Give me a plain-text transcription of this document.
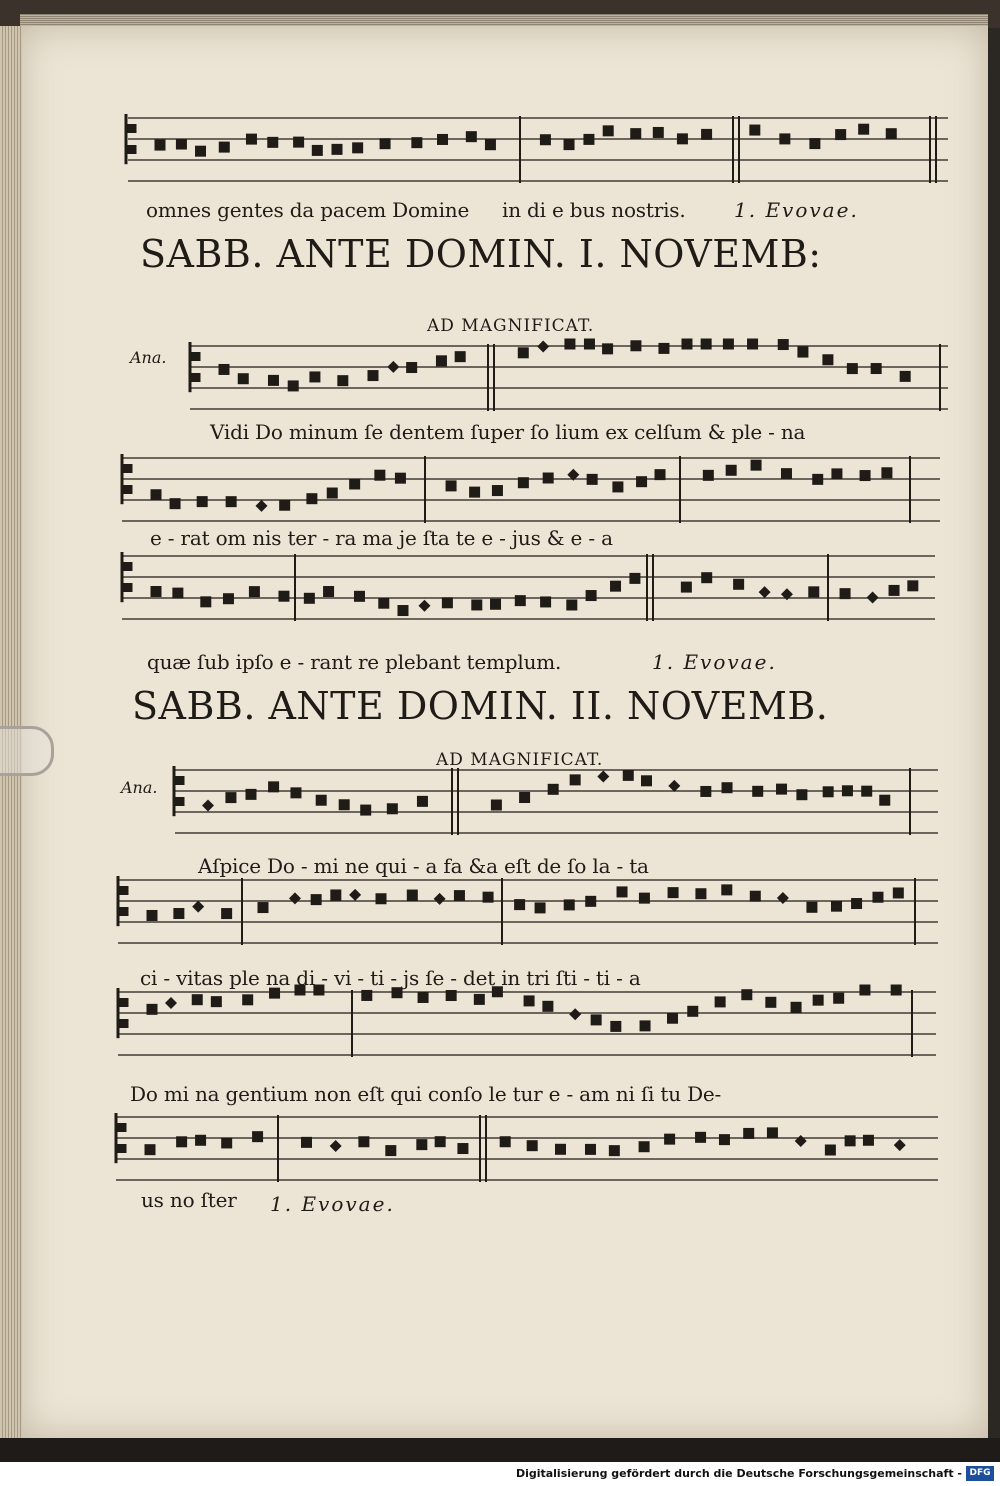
omnes gentes da pacem Domine in di e bus nostris. 1. Evovae.
SABB. ANTE DOMIN. I. NOVEMB:
AD MAGNIFICAT.
Ana.
Vidi Do minum ſe dentem ſuper ſo lium ex celſum & ple - na
e - rat om nis ter - ra ma je ſta te e - jus & e - a
quæ ſub ipſo e - rant re plebant templum.	1. Evovae.
SABB. ANTE DOMIN. II. NOVEMB.
AD MAGNIFICAT.
Ana.
Aſpice Do - mi ne qui - a fa &a eſt de ſo la - ta
ci - vitas ple na di - vi - ti - js ſe - det in tri ſti - ti - a
Do mi na gentium non eſt qui conſo le tur e - am ni ſi tu De-
us no ſter 1. Evovae.
Digitalisierung gefördert durch die Deutsche Forschungsgemeinschaft - DFG
